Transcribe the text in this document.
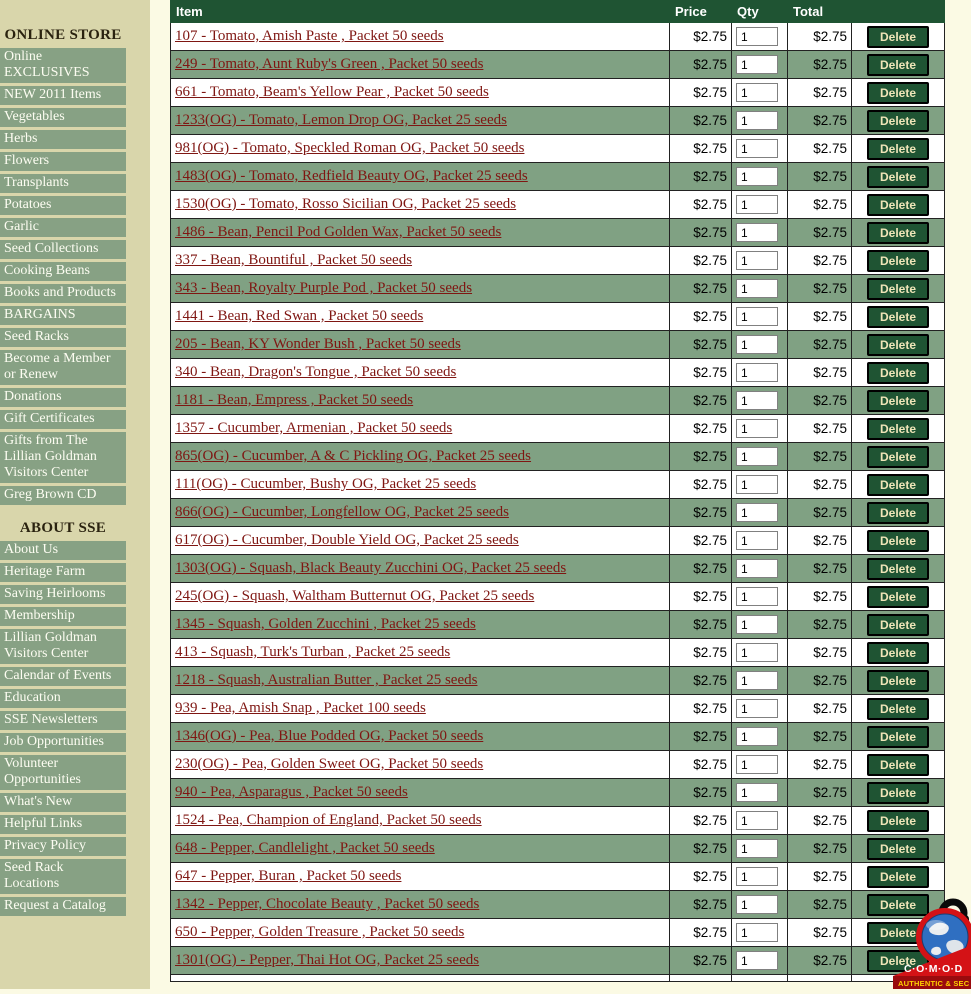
ONLINE STORE
Online EXCLUSIVES
NEW 2011 Items
Vegetables
Herbs
Flowers
Transplants
Potatoes
Garlic
Seed Collections
Cooking Beans
Books and Products
BARGAINS
Seed Racks
Become a Member or Renew
Donations
Gift Certificates
Gifts from The Lillian Goldman Visitors Center
Greg Brown CD
ABOUT SSE
About Us
Heritage Farm
Saving Heirlooms
Membership
Lillian Goldman Visitors Center
Calendar of Events
Education
SSE Newsletters
Job Opportunities
Volunteer Opportunities
What's New
Helpful Links
Privacy Policy
Seed Rack Locations
Request a Catalog
Item	Price	Qty	Total	
107 - Tomato, Amish Paste , Packet 50 seeds	$2.75	1	$2.75	Delete
249 - Tomato, Aunt Ruby's Green , Packet 50 seeds	$2.75	1	$2.75	Delete
661 - Tomato, Beam's Yellow Pear , Packet 50 seeds	$2.75	1	$2.75	Delete
1233(OG) - Tomato, Lemon Drop OG, Packet 25 seeds	$2.75	1	$2.75	Delete
981(OG) - Tomato, Speckled Roman OG, Packet 50 seeds	$2.75	1	$2.75	Delete
1483(OG) - Tomato, Redfield Beauty OG, Packet 25 seeds	$2.75	1	$2.75	Delete
1530(OG) - Tomato, Rosso Sicilian OG, Packet 25 seeds	$2.75	1	$2.75	Delete
1486 - Bean, Pencil Pod Golden Wax, Packet 50 seeds	$2.75	1	$2.75	Delete
337 - Bean, Bountiful , Packet 50 seeds	$2.75	1	$2.75	Delete
343 - Bean, Royalty Purple Pod , Packet 50 seeds	$2.75	1	$2.75	Delete
1441 - Bean, Red Swan , Packet 50 seeds	$2.75	1	$2.75	Delete
205 - Bean, KY Wonder Bush , Packet 50 seeds	$2.75	1	$2.75	Delete
340 - Bean, Dragon's Tongue , Packet 50 seeds	$2.75	1	$2.75	Delete
1181 - Bean, Empress , Packet 50 seeds	$2.75	1	$2.75	Delete
1357 - Cucumber, Armenian , Packet 50 seeds	$2.75	1	$2.75	Delete
865(OG) - Cucumber, A & C Pickling OG, Packet 25 seeds	$2.75	1	$2.75	Delete
111(OG) - Cucumber, Bushy OG, Packet 25 seeds	$2.75	1	$2.75	Delete
866(OG) - Cucumber, Longfellow OG, Packet 25 seeds	$2.75	1	$2.75	Delete
617(OG) - Cucumber, Double Yield OG, Packet 25 seeds	$2.75	1	$2.75	Delete
1303(OG) - Squash, Black Beauty Zucchini OG, Packet 25 seeds	$2.75	1	$2.75	Delete
245(OG) - Squash, Waltham Butternut OG, Packet 25 seeds	$2.75	1	$2.75	Delete
1345 - Squash, Golden Zucchini , Packet 25 seeds	$2.75	1	$2.75	Delete
413 - Squash, Turk's Turban , Packet 25 seeds	$2.75	1	$2.75	Delete
1218 - Squash, Australian Butter , Packet 25 seeds	$2.75	1	$2.75	Delete
939 - Pea, Amish Snap , Packet 100 seeds	$2.75	1	$2.75	Delete
1346(OG) - Pea, Blue Podded OG, Packet 50 seeds	$2.75	1	$2.75	Delete
230(OG) - Pea, Golden Sweet OG, Packet 50 seeds	$2.75	1	$2.75	Delete
940 - Pea, Asparagus , Packet 50 seeds	$2.75	1	$2.75	Delete
1524 - Pea, Champion of England, Packet 50 seeds	$2.75	1	$2.75	Delete
648 - Pepper, Candlelight , Packet 50 seeds	$2.75	1	$2.75	Delete
647 - Pepper, Buran , Packet 50 seeds	$2.75	1	$2.75	Delete
1342 - Pepper, Chocolate Beauty , Packet 50 seeds	$2.75	1	$2.75	Delete
650 - Pepper, Golden Treasure , Packet 50 seeds	$2.75	1	$2.75	Delete
1301(OG) - Pepper, Thai Hot OG, Packet 25 seeds	$2.75	1	$2.75	Delete

C·O·M·O·D
AUTHENTIC & SEC
